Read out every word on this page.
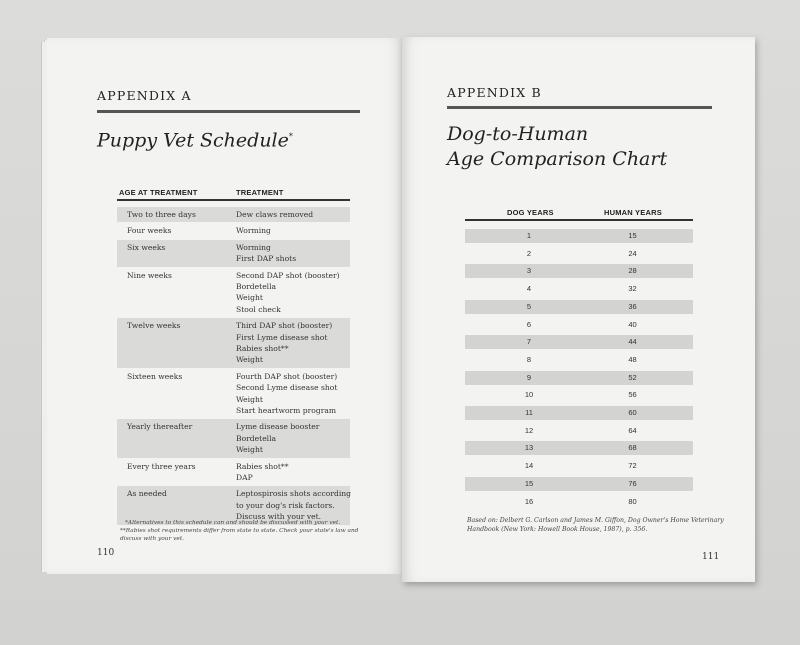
APPENDIX A
Puppy Vet Schedule*
AGE AT TREATMENT	TREATMENT
Two to three days	Dew claws removed
Four weeks	Worming
Six weeks	Worming
First DAP shots
Nine weeks	Second DAP shot (booster)
Bordetella
Weight
Stool check
Twelve weeks	Third DAP shot (booster)
First Lyme disease shot
Rabies shot**
Weight
Sixteen weeks	Fourth DAP shot (booster)
Second Lyme disease shot
Weight
Start heartworm program
Yearly thereafter	Lyme disease booster
Bordetella
Weight
Every three years	Rabies shot**
DAP
As needed	Leptospirosis shots according
to your dog's risk factors.
Discuss with your vet.
*Alternatives to this schedule can and should be discussed with your vet.
**Rabies shot requirements differ from state to state. Check your state's law and
discuss with your vet.
110
APPENDIX B
Dog-to-Human
Age Comparison Chart
DOG YEARS	HUMAN YEARS
1	15
2	24
3	28
4	32
5	36
6	40
7	44
8	48
9	52
10	56
11	60
12	64
13	68
14	72
15	76
16	80
Based on: Delbert G. Carlson and James M. Giffon, Dog Owner's Home Veterinary
Handbook (New York: Howell Book House, 1987), p. 356.
111
